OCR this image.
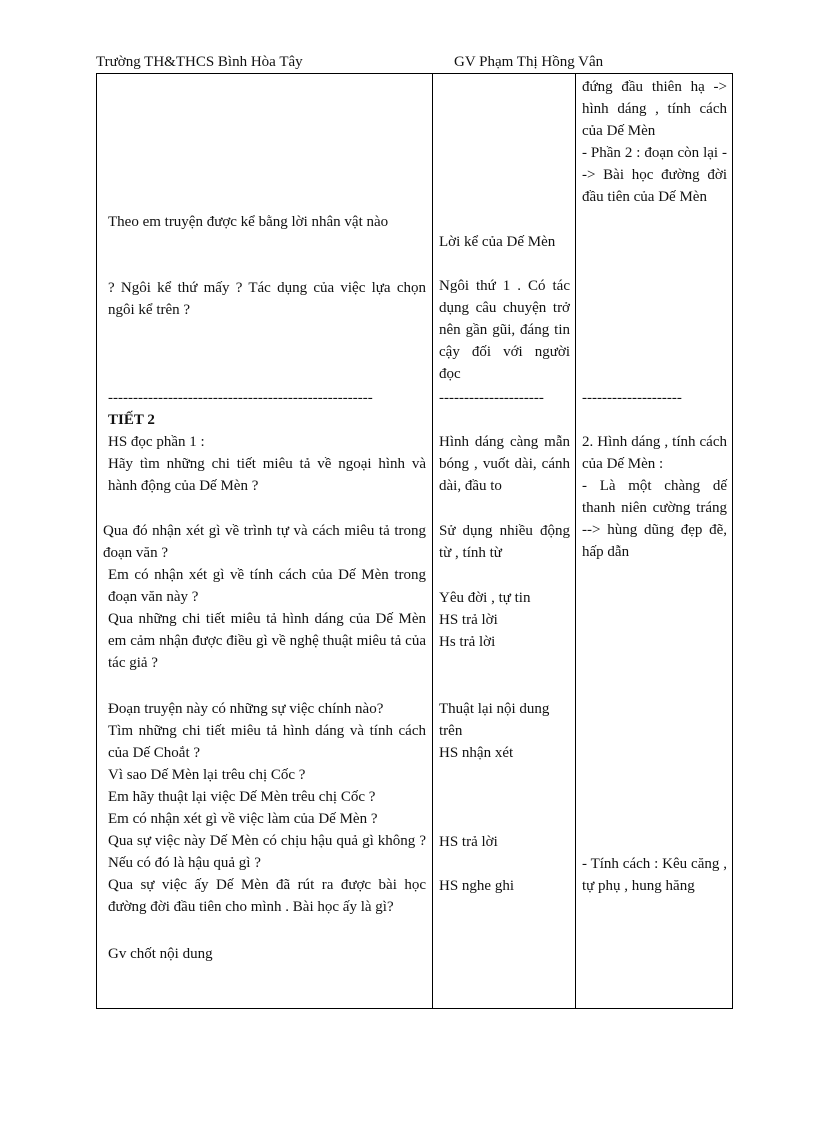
Trường TH&THCS Bình Hòa Tây	GV Phạm Thị Hồng Vân
Theo em truyện được kể bằng lời nhân vật nào
? Ngôi kể thứ mấy ? Tác dụng của việc lựa chọn ngôi kể trên ?
-----------------------------------------------------
TIẾT 2
HS đọc phần 1 :
Hãy tìm những chi tiết miêu tả về ngoại hình và hành động của Dế Mèn ?
Qua đó nhận xét gì về trình tự và cách miêu tả trong đoạn văn ?
Em có nhận xét gì về tính cách của Dế Mèn trong đoạn văn này ?
Qua những chi tiết miêu tả hình dáng của Dế Mèn em cảm nhận được điều gì về nghệ thuật miêu tả của tác giả ?
Đoạn truyện này có những sự việc chính nào?
Tìm những chi tiết miêu tả hình dáng và tính cách của Dế Choắt ?
Vì sao Dế Mèn lại trêu chị Cốc ?
Em hãy thuật lại việc Dế Mèn trêu chị Cốc ?
Em có nhận xét gì về việc làm của Dế Mèn ?
Qua sự việc này Dế Mèn có chịu hậu quả gì không ? Nếu có đó là hậu quả gì ?
Qua sự việc ấy Dế Mèn đã rút ra được bài học đường đời đầu tiên cho mình . Bài học ấy là gì?
Gv chốt nội dung
Lời kể của Dế Mèn
Ngôi thứ 1 . Có tác dụng câu chuyện trở nên gần gũi, đáng tin cậy đối với người đọc
---------------------
Hình dáng càng mẫn bóng , vuốt dài, cánh dài, đầu to
Sử dụng nhiều động từ , tính từ
Yêu đời , tự tin
HS trả lời
Hs trả lời
Thuật lại nội dung trên
HS nhận xét
HS trả lời
HS nghe ghi
đứng đầu thiên hạ -> hình dáng , tính cách của Dế Mèn
- Phần 2 : đoạn còn lại --> Bài học đường đời đầu tiên của Dế Mèn
--------------------
2. Hình dáng , tính cách của Dế Mèn :
- Là một chàng dế thanh niên cường tráng --> hùng dũng đẹp đẽ, hấp dẫn
- Tính cách : Kêu căng , tự phụ , hung hăng
